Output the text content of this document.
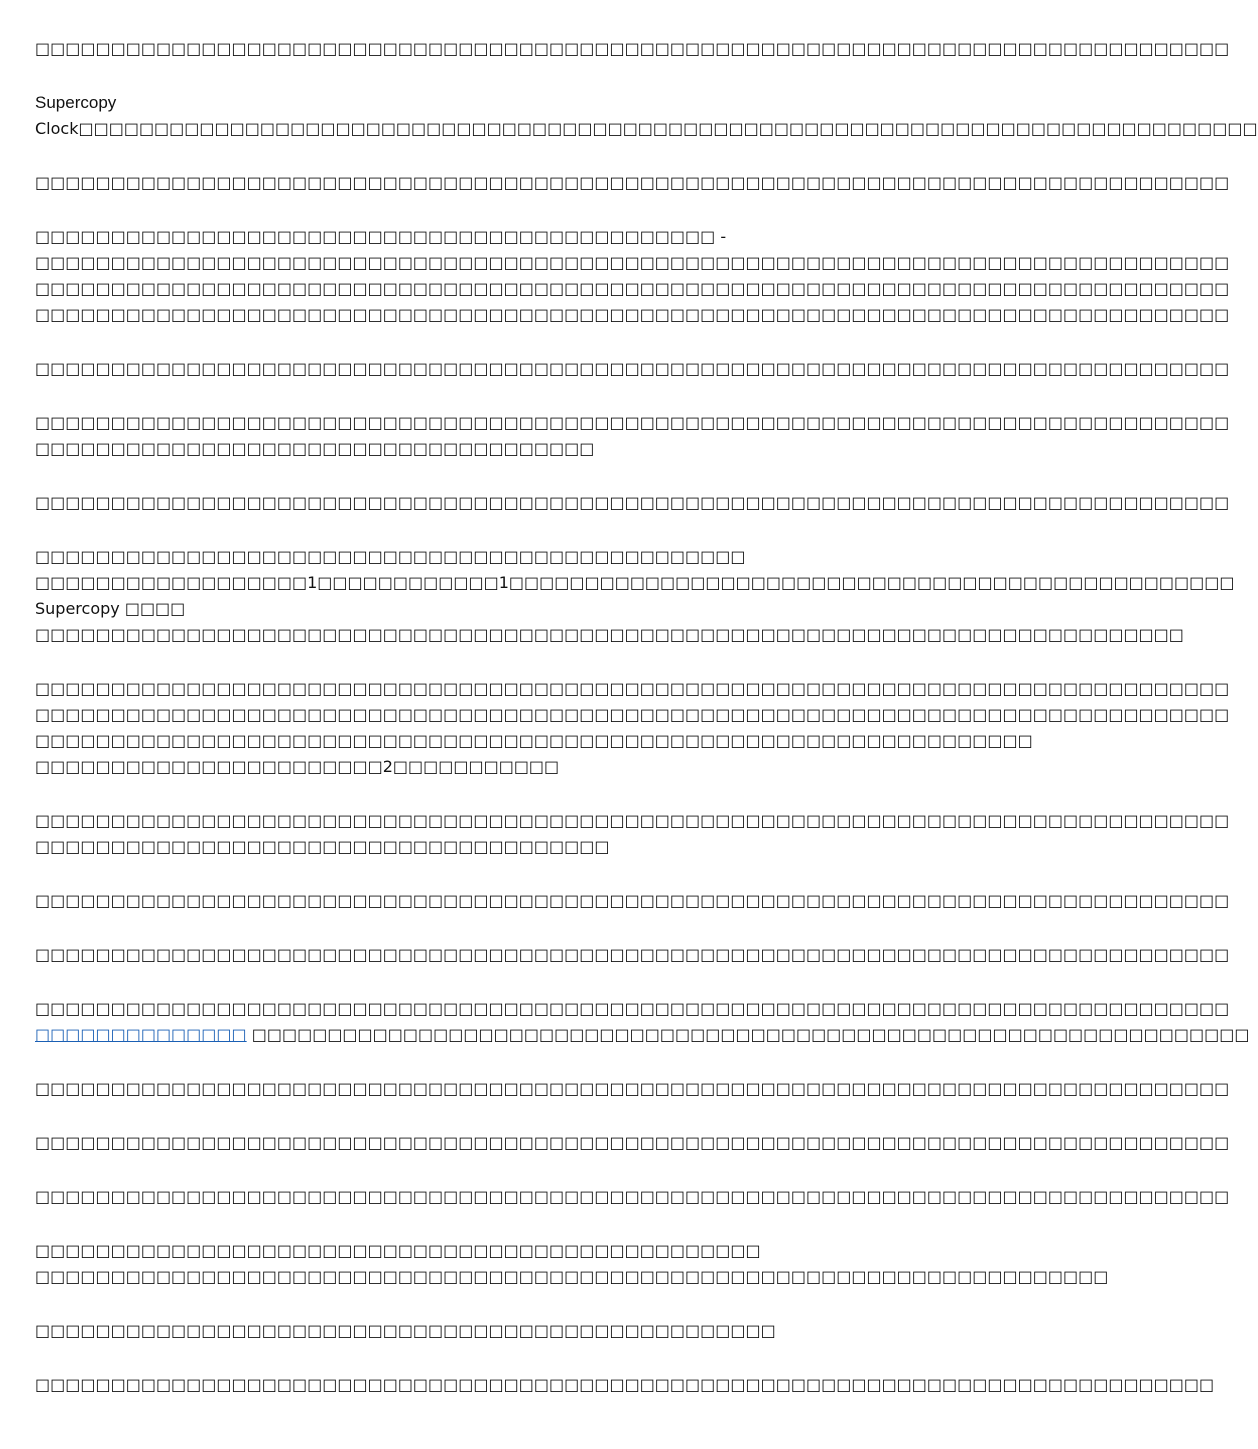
□□□□□□□□□□□□□□□□□□□□□□□□□□□□□□□□□□□□□□□□□□□□□□□□□□□□□□□□□□□□□□□□□□□□□□□□□□□□□□□

Supercopy
Clock□□□□□□□□□□□□□□□□□□□□□□□□□□□□□□□□□□□□□□□□□□□□□□□□□□□□□□□□□□□□□□□□□□□□□□□□□□□□□□

□□□□□□□□□□□□□□□□□□□□□□□□□□□□□□□□□□□□□□□□□□□□□□□□□□□□□□□□□□□□□□□□□□□□□□□□□□□□□□□

□□□□□□□□□□□□□□□□□□□□□□□□□□□□□□□□□□□□□□□□□□□□□ -
□□□□□□□□□□□□□□□□□□□□□□□□□□□□□□□□□□□□□□□□□□□□□□□□□□□□□□□□□□□□□□□□□□□□□□□□□□□□□□□
□□□□□□□□□□□□□□□□□□□□□□□□□□□□□□□□□□□□□□□□□□□□□□□□□□□□□□□□□□□□□□□□□□□□□□□□□□□□□□□
□□□□□□□□□□□□□□□□□□□□□□□□□□□□□□□□□□□□□□□□□□□□□□□□□□□□□□□□□□□□□□□□□□□□□□□□□□□□□□□

□□□□□□□□□□□□□□□□□□□□□□□□□□□□□□□□□□□□□□□□□□□□□□□□□□□□□□□□□□□□□□□□□□□□□□□□□□□□□□□

□□□□□□□□□□□□□□□□□□□□□□□□□□□□□□□□□□□□□□□□□□□□□□□□□□□□□□□□□□□□□□□□□□□□□□□□□□□□□□□
□□□□□□□□□□□□□□□□□□□□□□□□□□□□□□□□□□□□□

□□□□□□□□□□□□□□□□□□□□□□□□□□□□□□□□□□□□□□□□□□□□□□□□□□□□□□□□□□□□□□□□□□□□□□□□□□□□□□□

□□□□□□□□□□□□□□□□□□□□□□□□□□□□□□□□□□□□□□□□□□□□□□□
□□□□□□□□□□□□□□□□□□1□□□□□□□□□□□□1□□□□□□□□□□□□□□□□□□□□□□□□□□□□□□□□□□□□□□□□□□□□□□□□
Supercopy □□□□
□□□□□□□□□□□□□□□□□□□□□□□□□□□□□□□□□□□□□□□□□□□□□□□□□□□□□□□□□□□□□□□□□□□□□□□□□□□□

□□□□□□□□□□□□□□□□□□□□□□□□□□□□□□□□□□□□□□□□□□□□□□□□□□□□□□□□□□□□□□□□□□□□□□□□□□□□□□□
□□□□□□□□□□□□□□□□□□□□□□□□□□□□□□□□□□□□□□□□□□□□□□□□□□□□□□□□□□□□□□□□□□□□□□□□□□□□□□□
□□□□□□□□□□□□□□□□□□□□□□□□□□□□□□□□□□□□□□□□□□□□□□□□□□□□□□□□□□□□□□□□□□
□□□□□□□□□□□□□□□□□□□□□□□2□□□□□□□□□□□

□□□□□□□□□□□□□□□□□□□□□□□□□□□□□□□□□□□□□□□□□□□□□□□□□□□□□□□□□□□□□□□□□□□□□□□□□□□□□□□
□□□□□□□□□□□□□□□□□□□□□□□□□□□□□□□□□□□□□□

□□□□□□□□□□□□□□□□□□□□□□□□□□□□□□□□□□□□□□□□□□□□□□□□□□□□□□□□□□□□□□□□□□□□□□□□□□□□□□□

□□□□□□□□□□□□□□□□□□□□□□□□□□□□□□□□□□□□□□□□□□□□□□□□□□□□□□□□□□□□□□□□□□□□□□□□□□□□□□□

□□□□□□□□□□□□□□□□□□□□□□□□□□□□□□□□□□□□□□□□□□□□□□□□□□□□□□□□□□□□□□□□□□□□□□□□□□□□□□□
□□□□□□□□□□□□□□ □□□□□□□□□□□□□□□□□□□□□□□□□□□□□□□□□□□□□□□□□□□□□□□□□□□□□□□□□□□□□□□□□□

□□□□□□□□□□□□□□□□□□□□□□□□□□□□□□□□□□□□□□□□□□□□□□□□□□□□□□□□□□□□□□□□□□□□□□□□□□□□□□□

□□□□□□□□□□□□□□□□□□□□□□□□□□□□□□□□□□□□□□□□□□□□□□□□□□□□□□□□□□□□□□□□□□□□□□□□□□□□□□□

□□□□□□□□□□□□□□□□□□□□□□□□□□□□□□□□□□□□□□□□□□□□□□□□□□□□□□□□□□□□□□□□□□□□□□□□□□□□□□□

□□□□□□□□□□□□□□□□□□□□□□□□□□□□□□□□□□□□□□□□□□□□□□□□
□□□□□□□□□□□□□□□□□□□□□□□□□□□□□□□□□□□□□□□□□□□□□□□□□□□□□□□□□□□□□□□□□□□□□□□

□□□□□□□□□□□□□□□□□□□□□□□□□□□□□□□□□□□□□□□□□□□□□□□□□

□□□□□□□□□□□□□□□□□□□□□□□□□□□□□□□□□□□□□□□□□□□□□□□□□□□□□□□□□□□□□□□□□□□□□□□□□□□□□□
